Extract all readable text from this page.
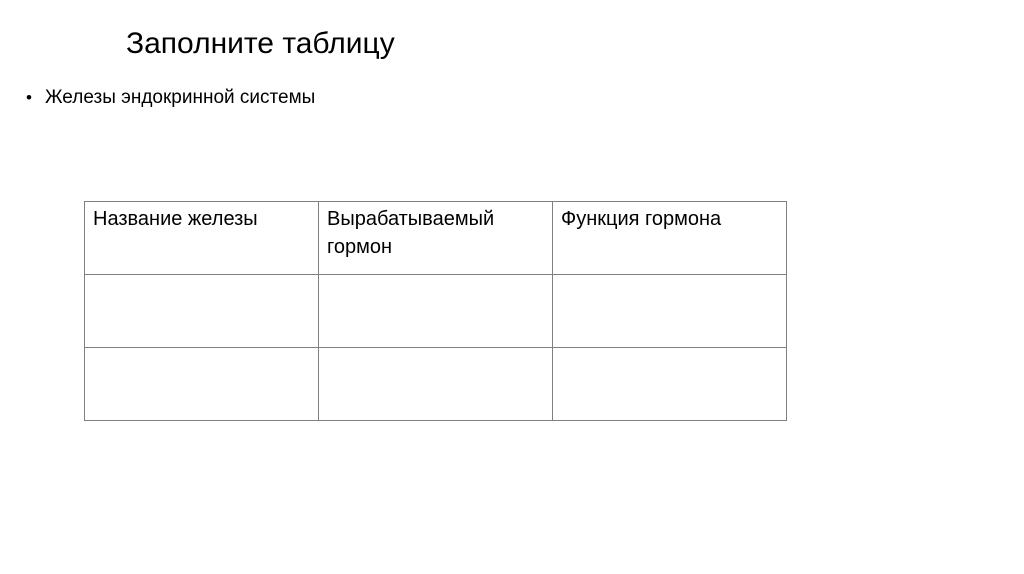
Заполните таблицу
• Железы эндокринной системы
Название железы	Вырабатываемый гормон	Функция гормона
